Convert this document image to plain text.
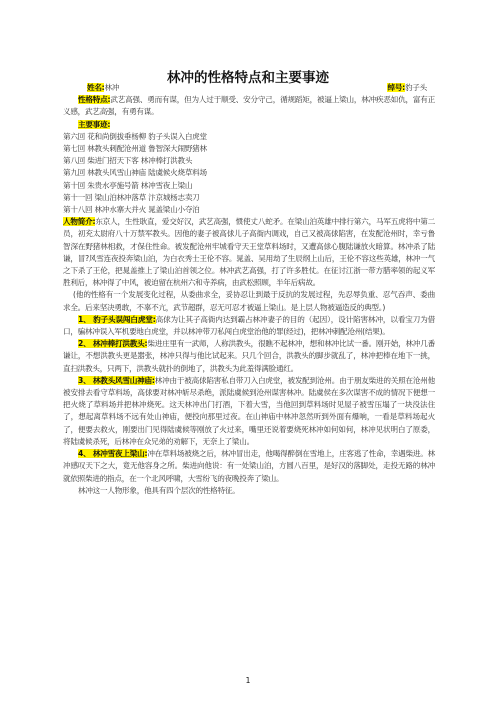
林冲的性格特点和主要事迹

姓名:林冲	绰号:豹子头

性格特点:武艺高强、勇而有谋，但为人过于顺受、安分守己，循规蹈矩，被逼上梁山，林冲疾恶如仇，富有正义感，武艺高强，有勇有谋。

主要事迹:

第六回 花和尚倒拔垂杨柳 豹子头误入白虎堂

第七回 林教头刺配沧州道 鲁智深大闹野猪林

第八回 柴进门招天下客 林冲棒打洪教头

第九回 林教头风雪山神庙 陆虞候火烧草料场

第十回 朱贵水亭施号箭 林冲雪夜上梁山

第十一回 梁山泊林冲落草 汴京城杨志卖刀

第十八回 林冲水寨大并火 晁盖梁山小夺泊

人物简介:东京人，生性耿直，爱交好汉，武艺高强，惯使丈八蛇矛。在梁山泊英雄中排行第六，马军五虎将中第二员，初充太尉府八十万禁军教头。因他的妻子被高俅儿子高衙内调戏，自己又被高俅陷害，在发配沧州时，幸亏鲁智深在野猪林相救，才保住性命。被发配沧州牢城看守天王堂草料场时，又遭高俅心腹陆谦放火暗算。林冲杀了陆谦，冒?风雪连夜投奔梁山泊，为白衣秀士王伦不容。晁盖、吴用劫了生辰纲上山后，王伦不容这些英雄，林冲一气之下杀了王伦，把晁盖推上了梁山泊首领之位。林冲武艺高强，打了许多胜仗。在征讨江浙一带方腊率领的起义军胜利后，林冲得了中风，被迫留在杭州六和寺养病，由武松照顾，半年后病故。

(他的性格有一个发展变化过程，从委曲求全，妥协忍让到最于反抗的发展过程，先忍辱负重、忍气吞声、委曲求全。后来坚决勇敢，不辜不亢，武节超群，忍无可忍才被逼上梁山。是上层人物被逼造反的典型。)

1、 豹子头误闯白虎堂:高俅为让其子高衙内达到霸占林冲妻子的目的（起因），设计陷害林冲，以看宝刀为借口，骗林冲误入军机要地白虎堂，并以林冲带刀私闯白虎堂治他的罪(经过)，把林冲刺配沧州(结果)。

2、 林冲棒打洪教头:柴进庄里有一武师，人称洪教头，很瞧不起林冲，想和林冲比试一番。刚开始，林冲几番谦让，不想洪教头更是嚣张，林冲只得与他比试起来。只几个回合，洪教头的脚步就乱了，林冲把棒在地下一挑，直扫洪教头，只两下，洪教头就扑的倒地了，洪教头为此羞得满脸通红。

3、 林教头风雪山神庙:林冲由于被高俅陷害私自带刀入白虎堂，被发配到沧州。由于朋友柴进的关照在沧州他被安排去看守草料场，高俅要对林冲斩尽杀绝，派陆虞候到沧州谋害林冲。陆虞侯在多次谋害不成的情况下便想一把火烧了草料场并把林冲烧死。这天林冲出门打酒，下着大雪，当他回到草料场时见屋子被雪压塌了一块没法住了，想起离草料场不远有处山神庙，便投向那里过夜。在山神庙中林冲忽然听到外面有爆响，一看是草料场起火了，便要去救火，刚要出门见得陆虞候等刚放了火过来，嘴里还说着要烧死林冲如何如何，林冲见状明白了原委，将陆虞候杀死，后林冲在众兄弟的劝解下，无奈上了梁山。

4、 林冲雪夜上梁山:冲在草料场被烧之后，林冲冒出走，他喝得醉倒在雪地上，庄客逃了性命，幸遇柴进。林冲感叹天下之大，竟无他容身之所。柴进向他说：有一处梁山泊，方圆八百里，是好汉的落脚处，走投无路的林冲就依照柴进的指点，在一个北风呼啸，大雪纷飞的夜晚投奔了梁山。

林冲这一人物形象，他具有四个层次的性格特征。

1
